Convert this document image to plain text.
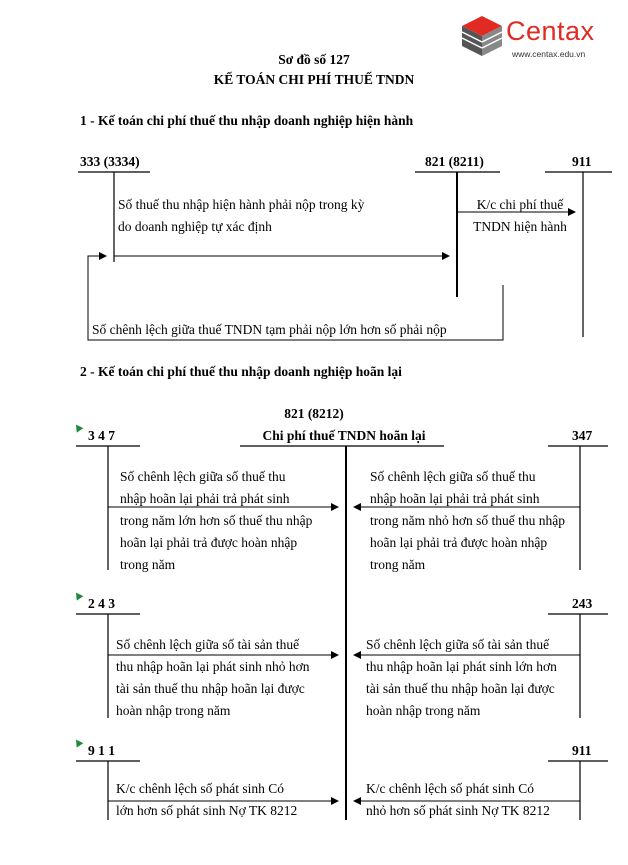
Centax
www.centax.edu.vn
Sơ đồ số 127
KẾ TOÁN CHI PHÍ THUẾ TNDN
1 - Kế toán chi phí thuế thu nhập doanh nghiệp hiện hành
333 (3334)	821 (8211)	911
Số thuế thu nhập hiện hành phải nộp trong kỳ
do doanh nghiệp tự xác định
K/c chi phí thuế
TNDN hiện hành
Số chênh lệch giữa thuế TNDN tạm phải nộp lớn hơn số phải nộp
2 - Kế toán chi phí thuế thu nhập doanh nghiệp hoãn lại
821 (8212)
Chi phí thuế TNDN hoãn lại
3 4 7	347
Số chênh lệch giữa số thuế thu
nhập hoãn lại phải trả phát sinh
trong năm lớn hơn số thuế thu nhập
hoãn lại phải trả được hoàn nhập
trong năm
Số chênh lệch giữa số thuế thu
nhập hoãn lại phải trả phát sinh
trong năm nhỏ hơn số thuế thu nhập
hoãn lại phải trả được hoàn nhập
trong năm
2 4 3	243
Số chênh lệch giữa số tài sản thuế
thu nhập hoãn lại phát sinh nhỏ hơn
tài sản thuế thu nhập hoãn lại được
hoàn nhập trong năm
Số chênh lệch giữa số tài sản thuế
thu nhập hoãn lại phát sinh lớn hơn
tài sản thuế thu nhập hoãn lại được
hoàn nhập trong năm
9 1 1	911
K/c chênh lệch số phát sinh Có
lớn hơn số phát sinh Nợ TK 8212
K/c chênh lệch số phát sinh Có
nhỏ hơn số phát sinh Nợ TK 8212
